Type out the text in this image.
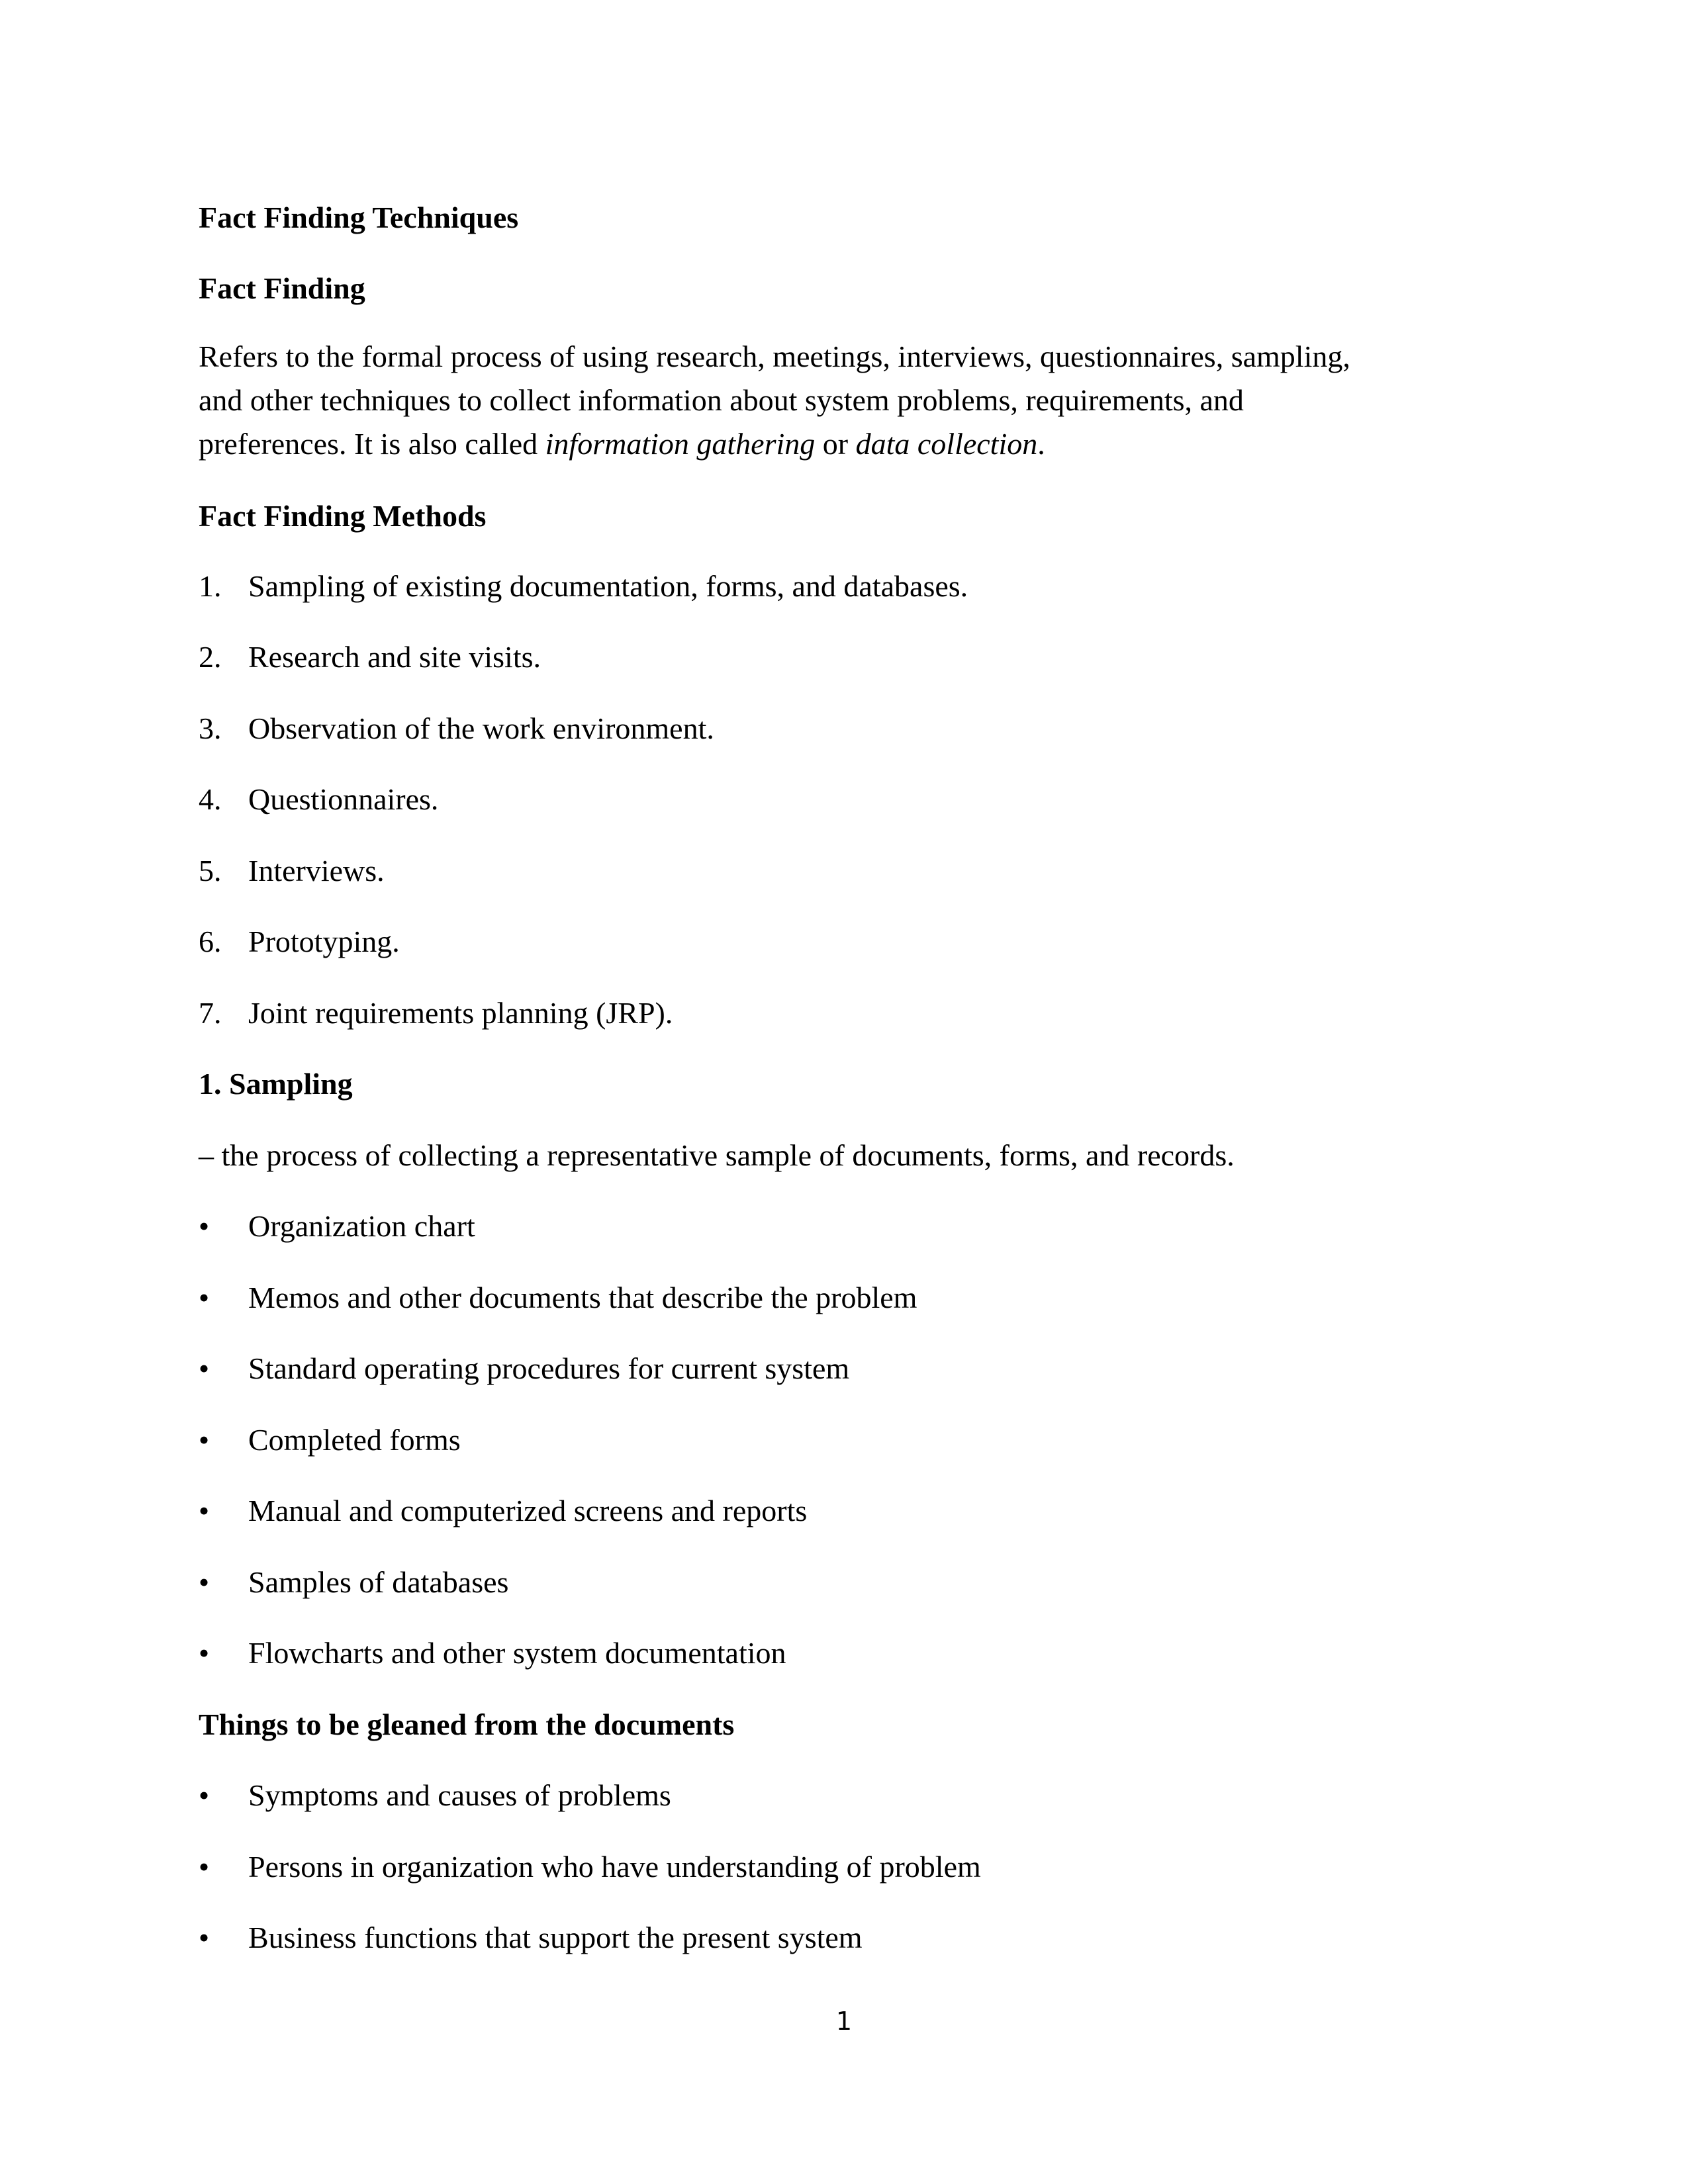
Fact Finding Techniques
Fact Finding

Refers to the formal process of using research, meetings, interviews, questionnaires, sampling,
and other techniques to collect information about system problems, requirements, and
preferences. It is also called information gathering or data collection.

Fact Finding Methods
1. Sampling of existing documentation, forms, and databases.
2. Research and site visits.
3. Observation of the work environment.
4. Questionnaires.
5. Interviews.
6. Prototyping.
7. Joint requirements planning (JRP).
1. Sampling

– the process of collecting a representative sample of documents, forms, and records.

• Organization chart
• Memos and other documents that describe the problem
• Standard operating procedures for current system
• Completed forms
• Manual and computerized screens and reports
• Samples of databases
• Flowcharts and other system documentation
Things to be gleaned from the documents
• Symptoms and causes of problems
• Persons in organization who have understanding of problem
• Business functions that support the present system
1
